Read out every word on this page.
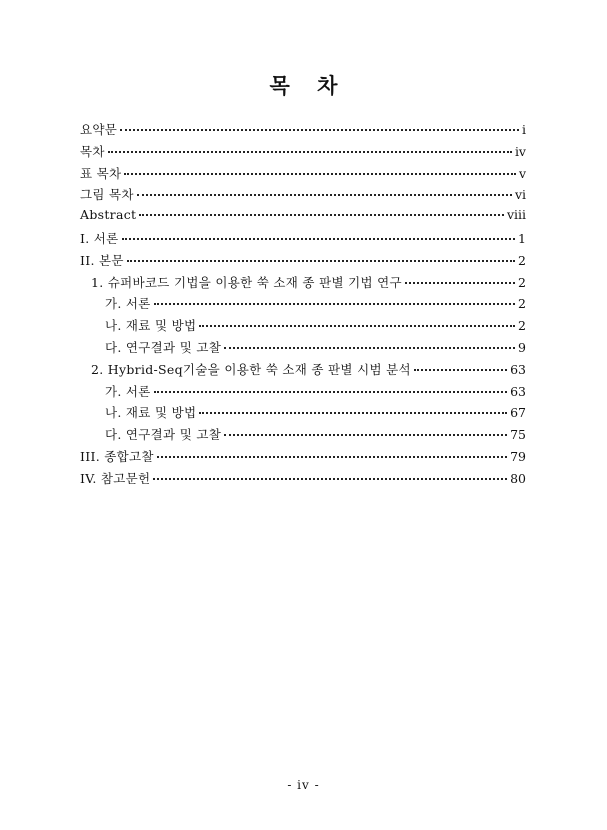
목 차
요약문	i
목차	iv
표 목차	v
그림 목차	vi
Abstract	viii
I. 서론	1
II. 본문	2
1. 슈퍼바코드 기법을 이용한 쑥 소재 종 판별 기법 연구	2
가. 서론	2
나. 재료 및 방법	2
다. 연구결과 및 고찰	9
2. Hybrid-Seq기술을 이용한 쑥 소재 종 판별 시범 분석	63
가. 서론	63
나. 재료 및 방법	67
다. 연구결과 및 고찰	75
III. 종합고찰	79
IV. 참고문헌	80
- iv -
